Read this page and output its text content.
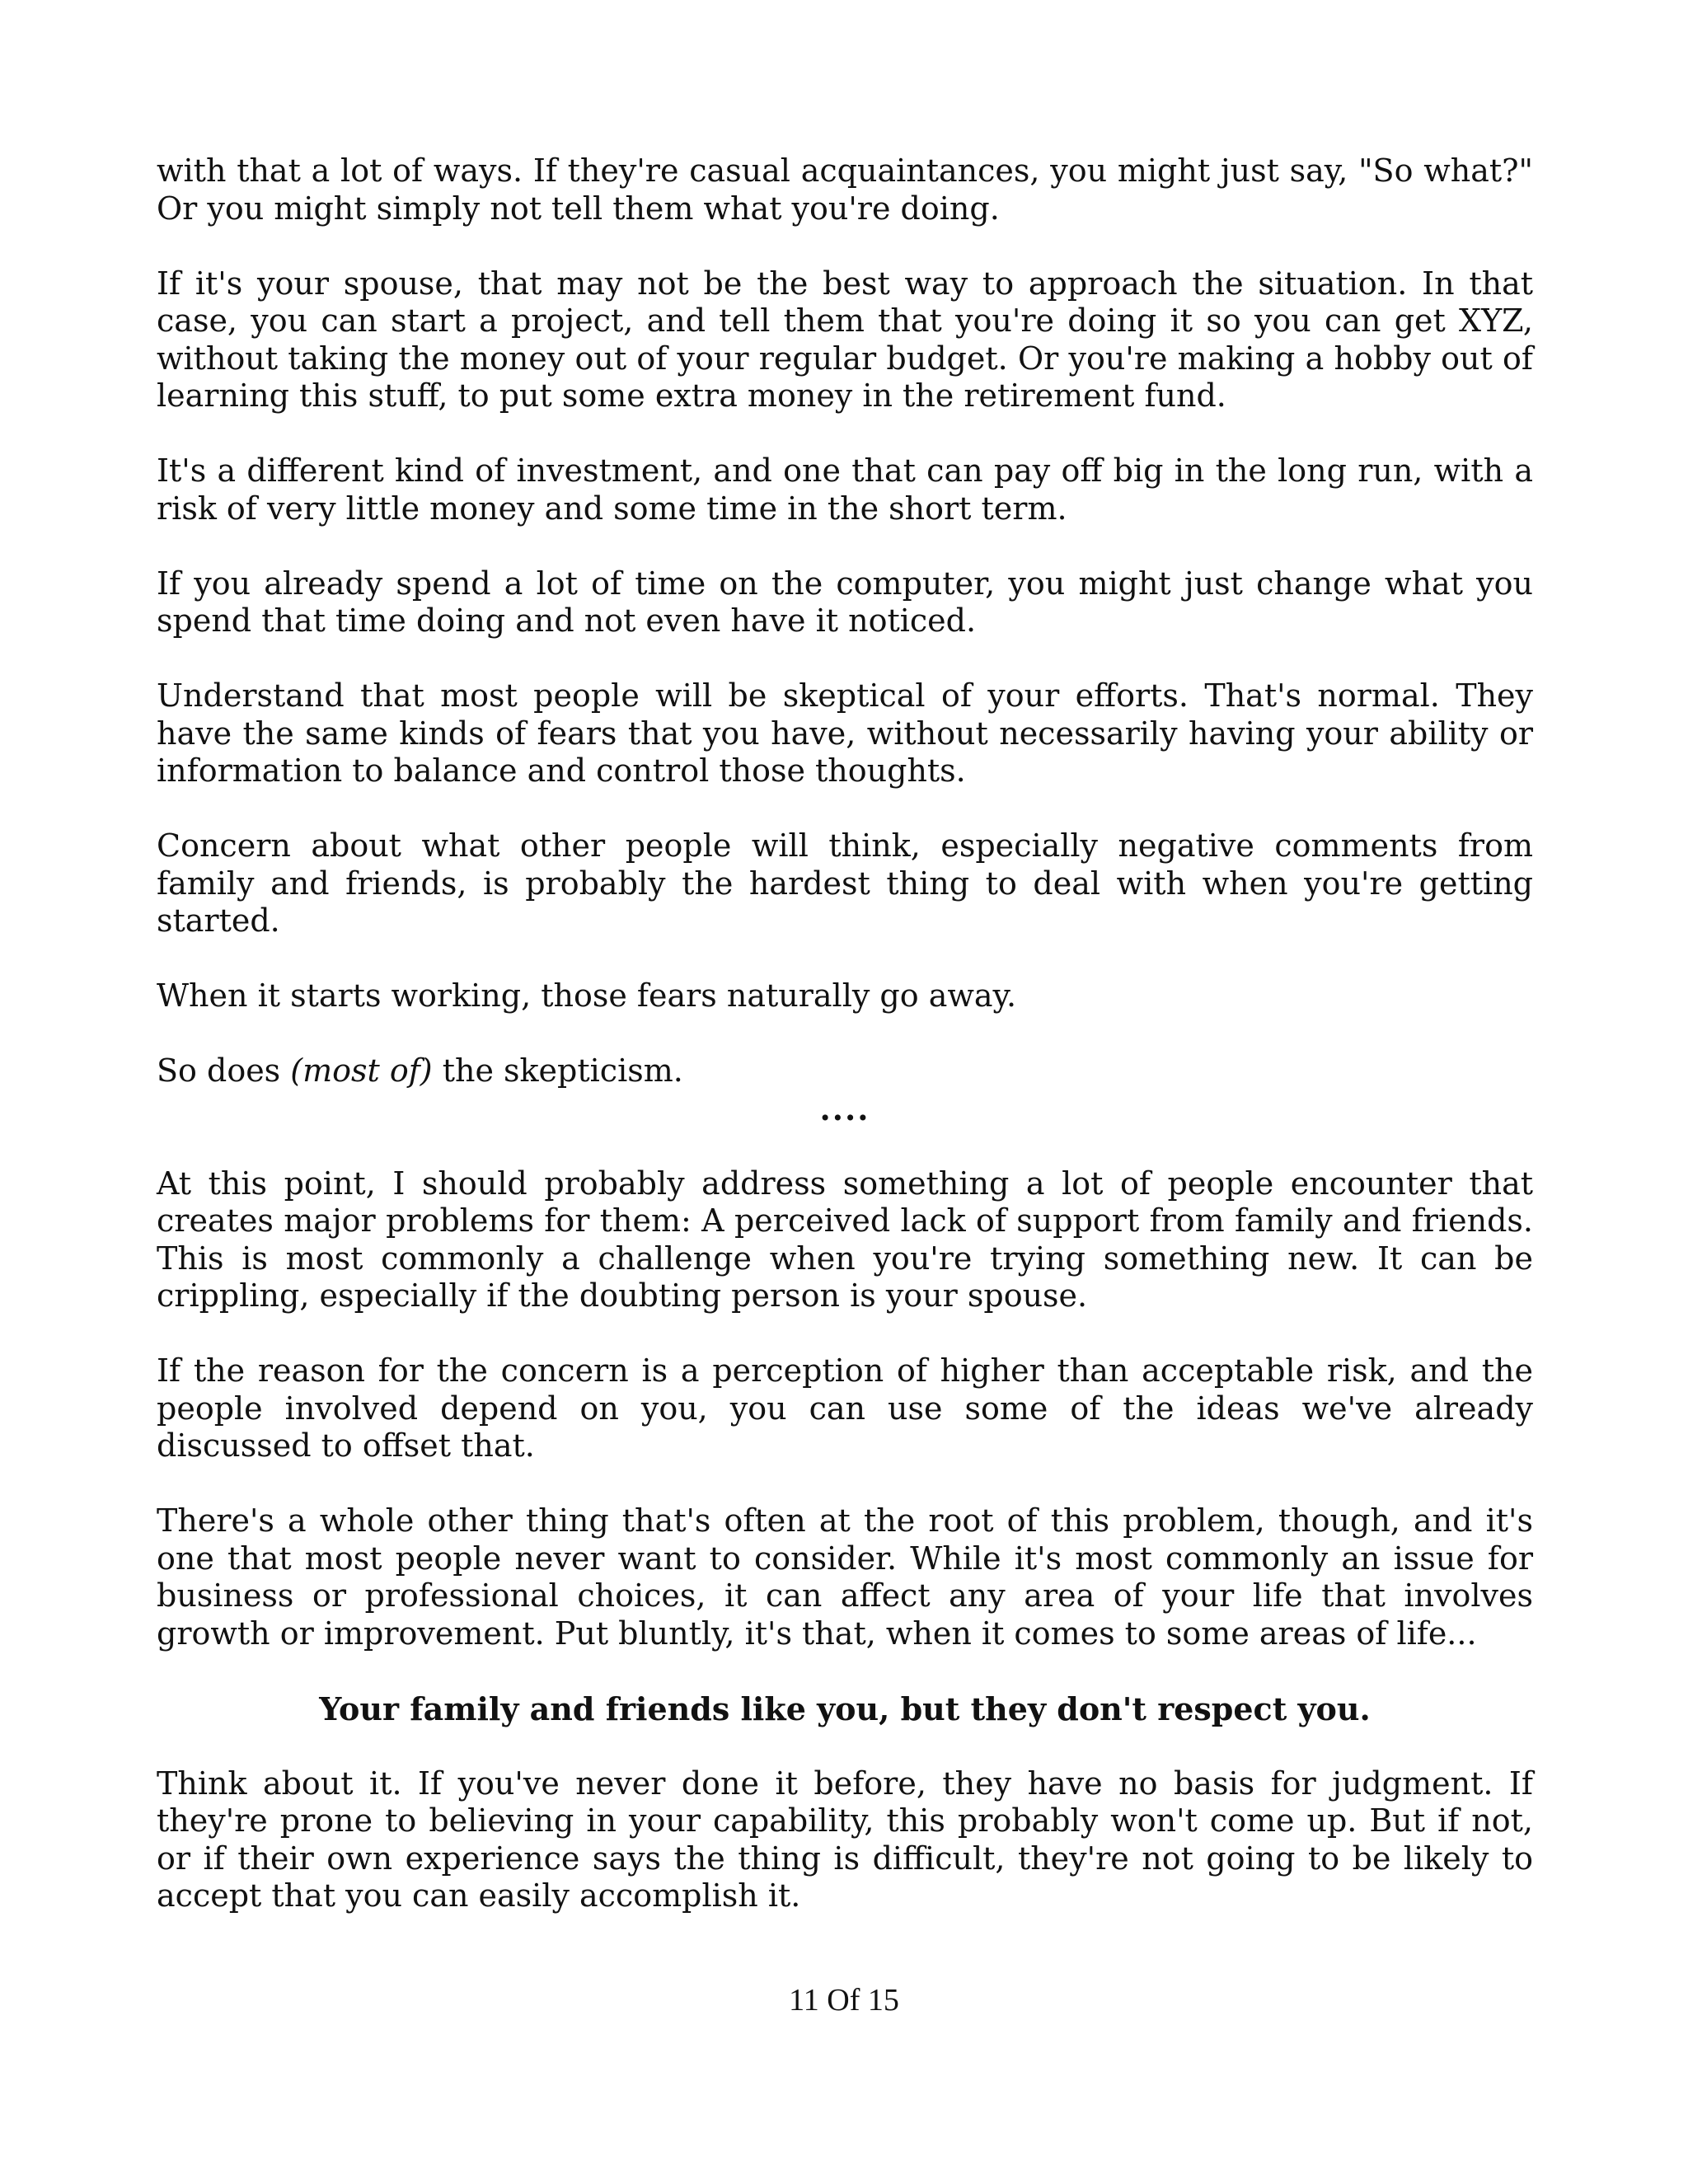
with that a lot of ways. If they're casual acquaintances, you might just say, "So what?" Or you might simply not tell them what you're doing.

If it's your spouse, that may not be the best way to approach the situation. In that case, you can start a project, and tell them that you're doing it so you can get XYZ, without taking the money out of your regular budget. Or you're making a hobby out of learning this stuff, to put some extra money in the retirement fund.

It's a different kind of investment, and one that can pay off big in the long run, with a risk of very little money and some time in the short term.

If you already spend a lot of time on the computer, you might just change what you spend that time doing and not even have it noticed.

Understand that most people will be skeptical of your efforts. That's normal. They have the same kinds of fears that you have, without necessarily having your ability or information to balance and control those thoughts.

Concern about what other people will think, especially negative comments from family and friends, is probably the hardest thing to deal with when you're getting started.

When it starts working, those fears naturally go away.

So does (most of) the skepticism.

....

At this point, I should probably address something a lot of people encounter that creates major problems for them: A perceived lack of support from family and friends. This is most commonly a challenge when you're trying something new. It can be crippling, especially if the doubting person is your spouse.

If the reason for the concern is a perception of higher than acceptable risk, and the people involved depend on you, you can use some of the ideas we've already discussed to offset that.

There's a whole other thing that's often at the root of this problem, though, and it's one that most people never want to consider. While it's most commonly an issue for business or professional choices, it can affect any area of your life that involves growth or improvement. Put bluntly, it's that, when it comes to some areas of life...

Your family and friends like you, but they don't respect you.

Think about it. If you've never done it before, they have no basis for judgment. If they're prone to believing in your capability, this probably won't come up. But if not, or if their own experience says the thing is difficult, they're not going to be likely to accept that you can easily accomplish it.

11 Of 15
